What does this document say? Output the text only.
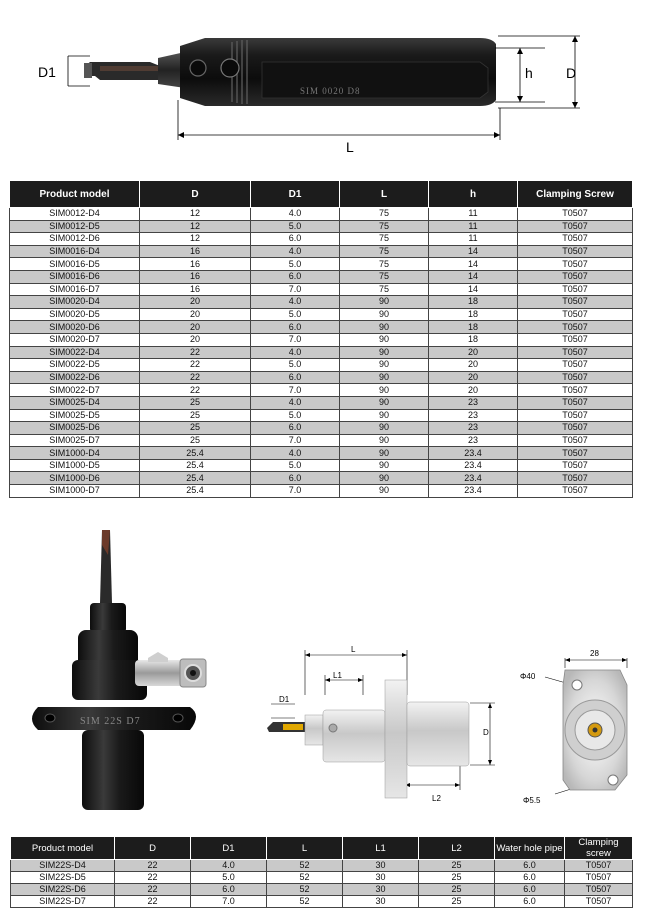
SIM 0020 D8
D1	h D
L
Product model	D	D1	L	h	Clamping Screw
SIM0012-D4	12	4.0	75	11	T0507
SIM0012-D5	12	5.0	75	11	T0507
SIM0012-D6	12	6.0	75	11	T0507
SIM0016-D4	16	4.0	75	14	T0507
SIM0016-D5	16	5.0	75	14	T0507
SIM0016-D6	16	6.0	75	14	T0507
SIM0016-D7	16	7.0	75	14	T0507
SIM0020-D4	20	4.0	90	18	T0507
SIM0020-D5	20	5.0	90	18	T0507
SIM0020-D6	20	6.0	90	18	T0507
SIM0020-D7	20	7.0	90	18	T0507
SIM0022-D4	22	4.0	90	20	T0507
SIM0022-D5	22	5.0	90	20	T0507
SIM0022-D6	22	6.0	90	20	T0507
SIM0022-D7	22	7.0	90	20	T0507
SIM0025-D4	25	4.0	90	23	T0507
SIM0025-D5	25	5.0	90	23	T0507
SIM0025-D6	25	6.0	90	23	T0507
SIM0025-D7	25	7.0	90	23	T0507
SIM1000-D4	25.4	4.0	90	23.4	T0507
SIM1000-D5	25.4	5.0	90	23.4	T0507
SIM1000-D6	25.4	6.0	90	23.4	T0507
SIM1000-D7	25.4	7.0	90	23.4	T0507
SIM 22S D7
L
L1
D1
D
L2
28
Φ40
Φ5.5
Product model	D	D1	L	L1	L2	Water hole pipe	Clamping screw
SIM22S-D4	22	4.0	52	30	25	6.0	T0507
SIM22S-D5	22	5.0	52	30	25	6.0	T0507
SIM22S-D6	22	6.0	52	30	25	6.0	T0507
SIM22S-D7	22	7.0	52	30	25	6.0	T0507
